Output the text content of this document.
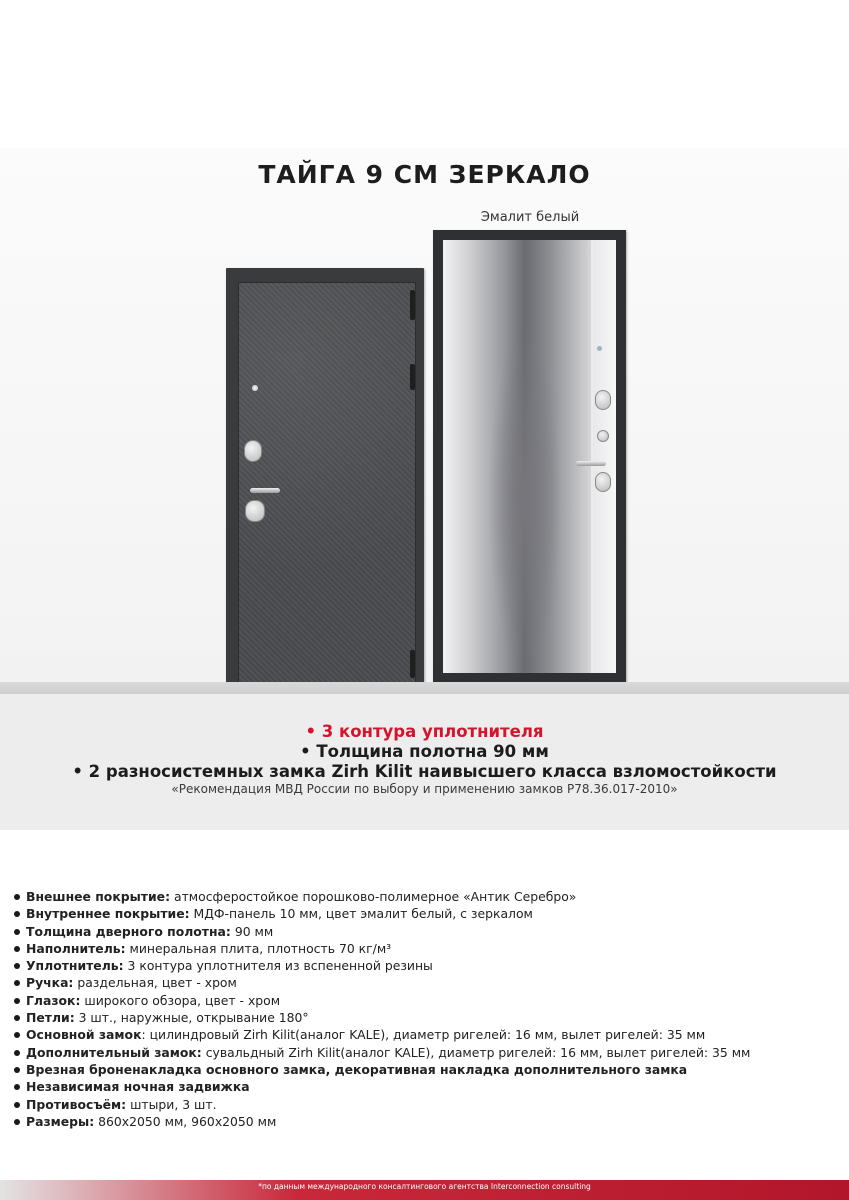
ТАЙГА 9 СМ ЗЕРКАЛО
Эмалит белый
• 3 контура уплотнителя
• Толщина полотна 90 мм
• 2 разносистемных замка Zirh Kilit наивысшего класса взломостойкости
«Рекомендация МВД России по выбору и применению замков Р78.36.017-2010»
Внешнее покрытие: атмосферостойкое порошково-полимерное «Антик Серебро»
Внутреннее покрытие: МДФ-панель 10 мм, цвет эмалит белый, с зеркалом
Толщина дверного полотна: 90 мм
Наполнитель: минеральная плита, плотность 70 кг/м³
Уплотнитель: 3 контура уплотнителя из вспененной резины
Ручка: раздельная, цвет - хром
Глазок: широкого обзора, цвет - хром
Петли: 3 шт., наружные, открывание 180°
Основной замок: цилиндровый Zirh Kilit(аналог KALE), диаметр ригелей: 16 мм, вылет ригелей: 35 мм
Дополнительный замок: сувальдный Zirh Kilit(аналог KALE), диаметр ригелей: 16 мм, вылет ригелей: 35 мм
Врезная броненакладка основного замка, декоративная накладка дополнительного замка
Независимая ночная задвижка
Противосъём: штыри, 3 шт.
Размеры: 860х2050 мм, 960х2050 мм
*по данным международного консалтингового агентства Interconnection consulting
